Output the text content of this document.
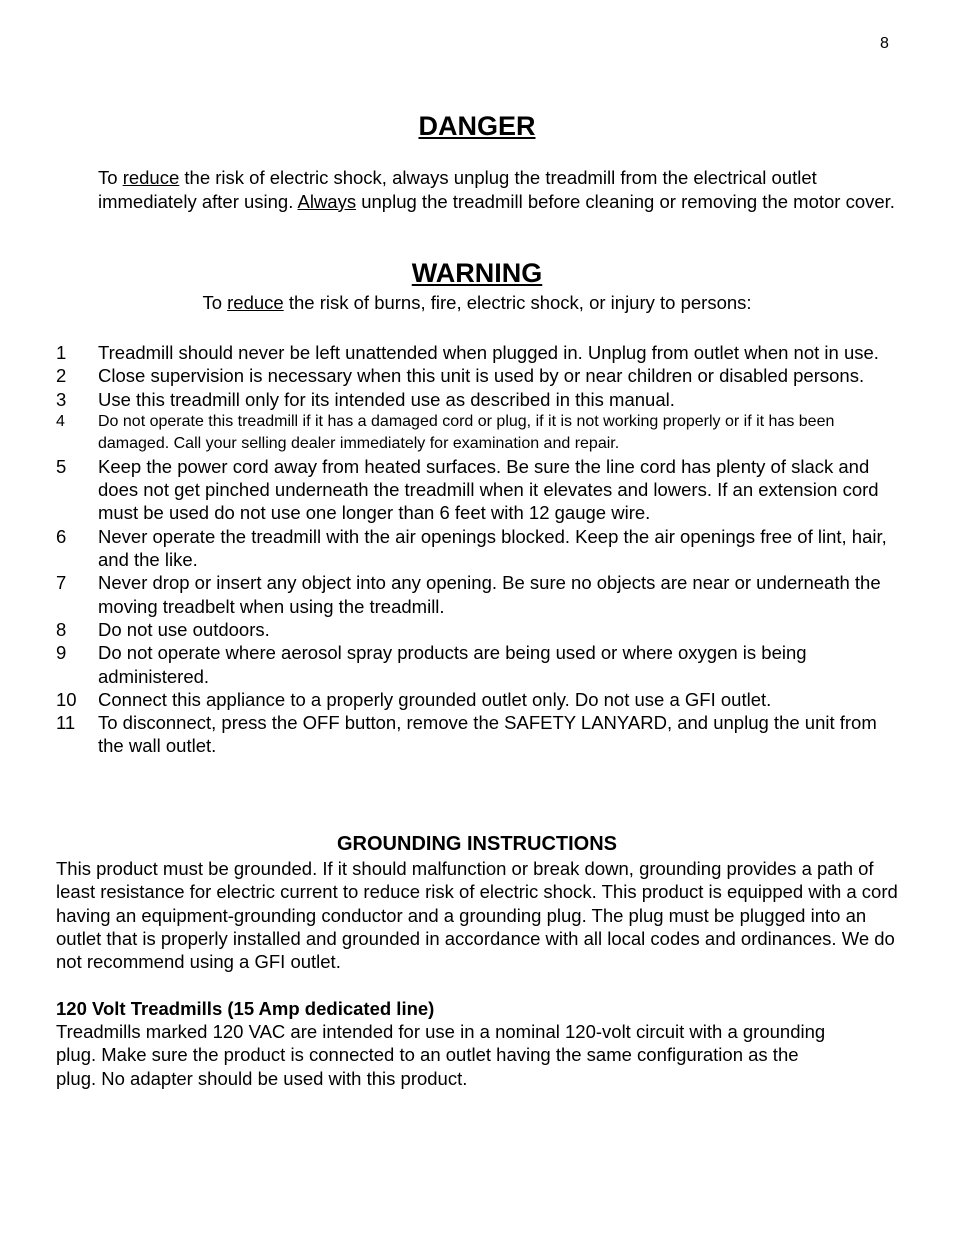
8
DANGER
To reduce the risk of electric shock, always unplug the treadmill from the electrical outlet immediately after using. Always unplug the treadmill before cleaning or removing the motor cover.
WARNING
To reduce the risk of burns, fire, electric shock, or injury to persons:
1	Treadmill should never be left unattended when plugged in. Unplug from outlet when not in use.
2	Close supervision is necessary when this unit is used by or near children or disabled persons.
3	Use this treadmill only for its intended use as described in this manual.
4	Do not operate this treadmill if it has a damaged cord or plug, if it is not working properly or if it has been damaged. Call your selling dealer immediately for examination and repair.
5	Keep the power cord away from heated surfaces. Be sure the line cord has plenty of slack and does not get pinched underneath the treadmill when it elevates and lowers. If an extension cord must be used do not use one longer than 6 feet with 12 gauge wire.
6	Never operate the treadmill with the air openings blocked. Keep the air openings free of lint, hair, and the like.
7	Never drop or insert any object into any opening. Be sure no objects are near or underneath the moving treadbelt when using the treadmill.
8	Do not use outdoors.
9	Do not operate where aerosol spray products are being used or where oxygen is being administered.
10	Connect this appliance to a properly grounded outlet only. Do not use a GFI outlet.
11	To disconnect, press the OFF button, remove the SAFETY LANYARD, and unplug the unit from the wall outlet.
GROUNDING INSTRUCTIONS
This product must be grounded. If it should malfunction or break down, grounding provides a path of least resistance for electric current to reduce risk of electric shock. This product is equipped with a cord having an equipment-grounding conductor and a grounding plug. The plug must be plugged into an outlet that is properly installed and grounded in accordance with all local codes and ordinances. We do not recommend using a GFI outlet.
120 Volt Treadmills (15 Amp dedicated line)
Treadmills marked 120 VAC are intended for use in a nominal 120-volt circuit with a grounding plug. Make sure the product is connected to an outlet having the same configuration as the plug. No adapter should be used with this product.
